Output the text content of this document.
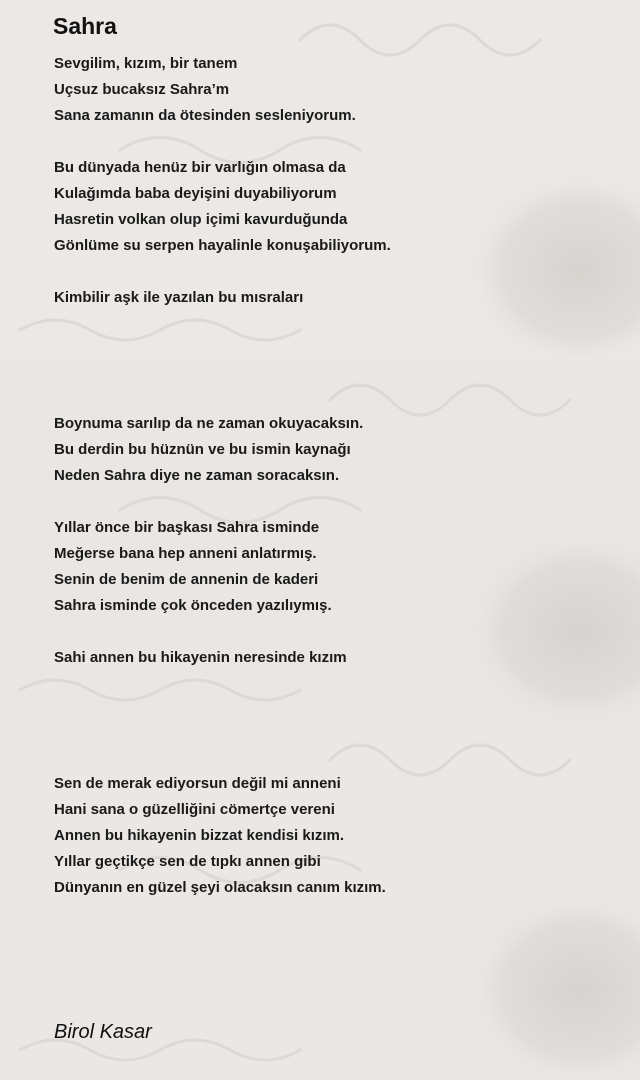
Sahra
Sevgilim, kızım, bir tanem
Uçsuz bucaksız Sahra’m
Sana zamanın da ötesinden sesleniyorum.
Bu dünyada henüz bir varlığın olmasa da
Kulağımda baba deyişini duyabiliyorum
Hasretin volkan olup içimi kavurduğunda
Gönlüme su serpen hayalinle konuşabiliyorum.
Kimbilir aşk ile yazılan bu mısraları
Boynuma sarılıp da ne zaman okuyacaksın.
Bu derdin bu hüznün ve bu ismin kaynağı
Neden Sahra diye ne zaman soracaksın.
Yıllar önce bir başkası Sahra isminde
Meğerse bana hep anneni anlatırmış.
Senin de benim de annenin de kaderi
Sahra isminde çok önceden yazılıymış.
Sahi annen bu hikayenin neresinde kızım
Sen de merak ediyorsun değil mi anneni
Hani sana o güzelliğini cömertçe vereni
Annen bu hikayenin bizzat kendisi kızım.
Yıllar geçtikçe sen de tıpkı annen gibi
Dünyanın en güzel şeyi olacaksın canım kızım.
Birol Kasar
